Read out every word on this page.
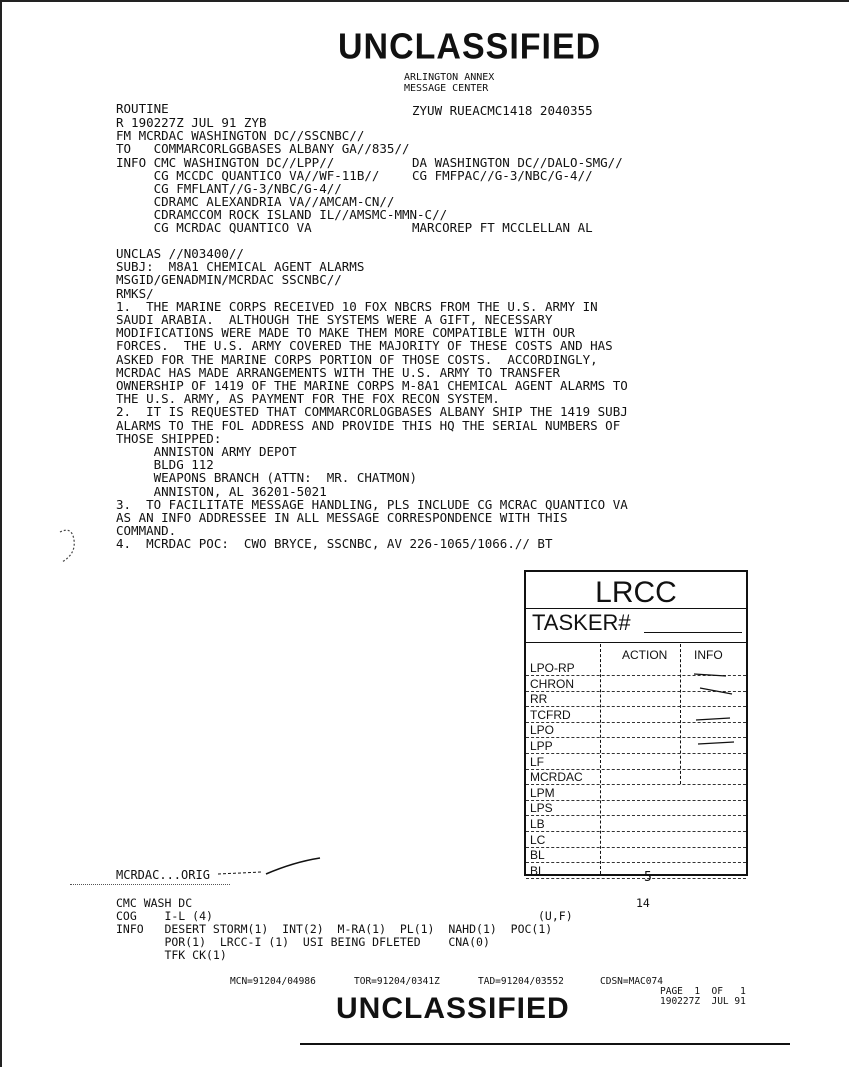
UNCLASSIFIED
ARLINGTON ANNEX
MESSAGE CENTER
ROUTINE	ZYUW RUEACMC1418 2040355
R 190227Z JUL 91 ZYB
FM MCRDAC WASHINGTON DC//SSCNBC//
TO   COMMARCORLGGBASES ALBANY GA//835//
INFO CMC WASHINGTON DC//LPP//	DA WASHINGTON DC//DALO-SMG//
CG MCCDC QUANTICO VA//WF-11B//	CG FMFPAC//G-3/NBC/G-4//
CG FMFLANT//G-3/NBC/G-4//
CDRAMC ALEXANDRIA VA//AMCAM-CN//
CDRAMCCOM ROCK ISLAND IL//AMSMC-MMN-C//
CG MCRDAC QUANTICO VA	MARCOREP FT MCCLELLAN AL
UNCLAS //N03400//
SUBJ:  M8A1 CHEMICAL AGENT ALARMS
MSGID/GENADMIN/MCRDAC SSCNBC//
RMKS/
1.  THE MARINE CORPS RECEIVED 10 FOX NBCRS FROM THE U.S. ARMY IN
SAUDI ARABIA.  ALTHOUGH THE SYSTEMS WERE A GIFT, NECESSARY
MODIFICATIONS WERE MADE TO MAKE THEM MORE COMPATIBLE WITH OUR
FORCES.  THE U.S. ARMY COVERED THE MAJORITY OF THESE COSTS AND HAS
ASKED FOR THE MARINE CORPS PORTION OF THOSE COSTS.  ACCORDINGLY,
MCRDAC HAS MADE ARRANGEMENTS WITH THE U.S. ARMY TO TRANSFER
OWNERSHIP OF 1419 OF THE MARINE CORPS M-8A1 CHEMICAL AGENT ALARMS TO
THE U.S. ARMY, AS PAYMENT FOR THE FOX RECON SYSTEM.
2.  IT IS REQUESTED THAT COMMARCORLOGBASES ALBANY SHIP THE 1419 SUBJ
ALARMS TO THE FOL ADDRESS AND PROVIDE THIS HQ THE SERIAL NUMBERS OF
THOSE SHIPPED:
ANNISTON ARMY DEPOT
BLDG 112
WEAPONS BRANCH (ATTN:  MR. CHATMON)
ANNISTON, AL 36201-5021
3.  TO FACILITATE MESSAGE HANDLING, PLS INCLUDE CG MCRAC QUANTICO VA
AS AN INFO ADDRESSEE IN ALL MESSAGE CORRESPONDENCE WITH THIS
COMMAND.
4.  MCRDAC POC:  CWO BRYCE, SSCNBC, AV 226-1065/1066.// BT
LRCC
TASKER#
ACTION INFO
LPO-RP
CHRON
RR
TCFRD
LPO
LPP
LF
MCRDAC
LPM
LPS
LB
LC
BL
BL	5
MCRDAC...ORIG
CMC WASH DC	14
COG    I-L (4)	(U,F)
INFO   DESERT STORM(1)  INT(2)  M-RA(1)  PL(1)  NAHD(1)  POC(1)
POR(1)  LRCC-I (1)  USI BEING DFLETED    CNA(0)
TFK CK(1)
MCN=91204/04986	TOR=91204/0341Z	TAD=91204/03552	CDSN=MAC074
PAGE  1  OF   1
190227Z  JUL 91
UNCLASSIFIED
